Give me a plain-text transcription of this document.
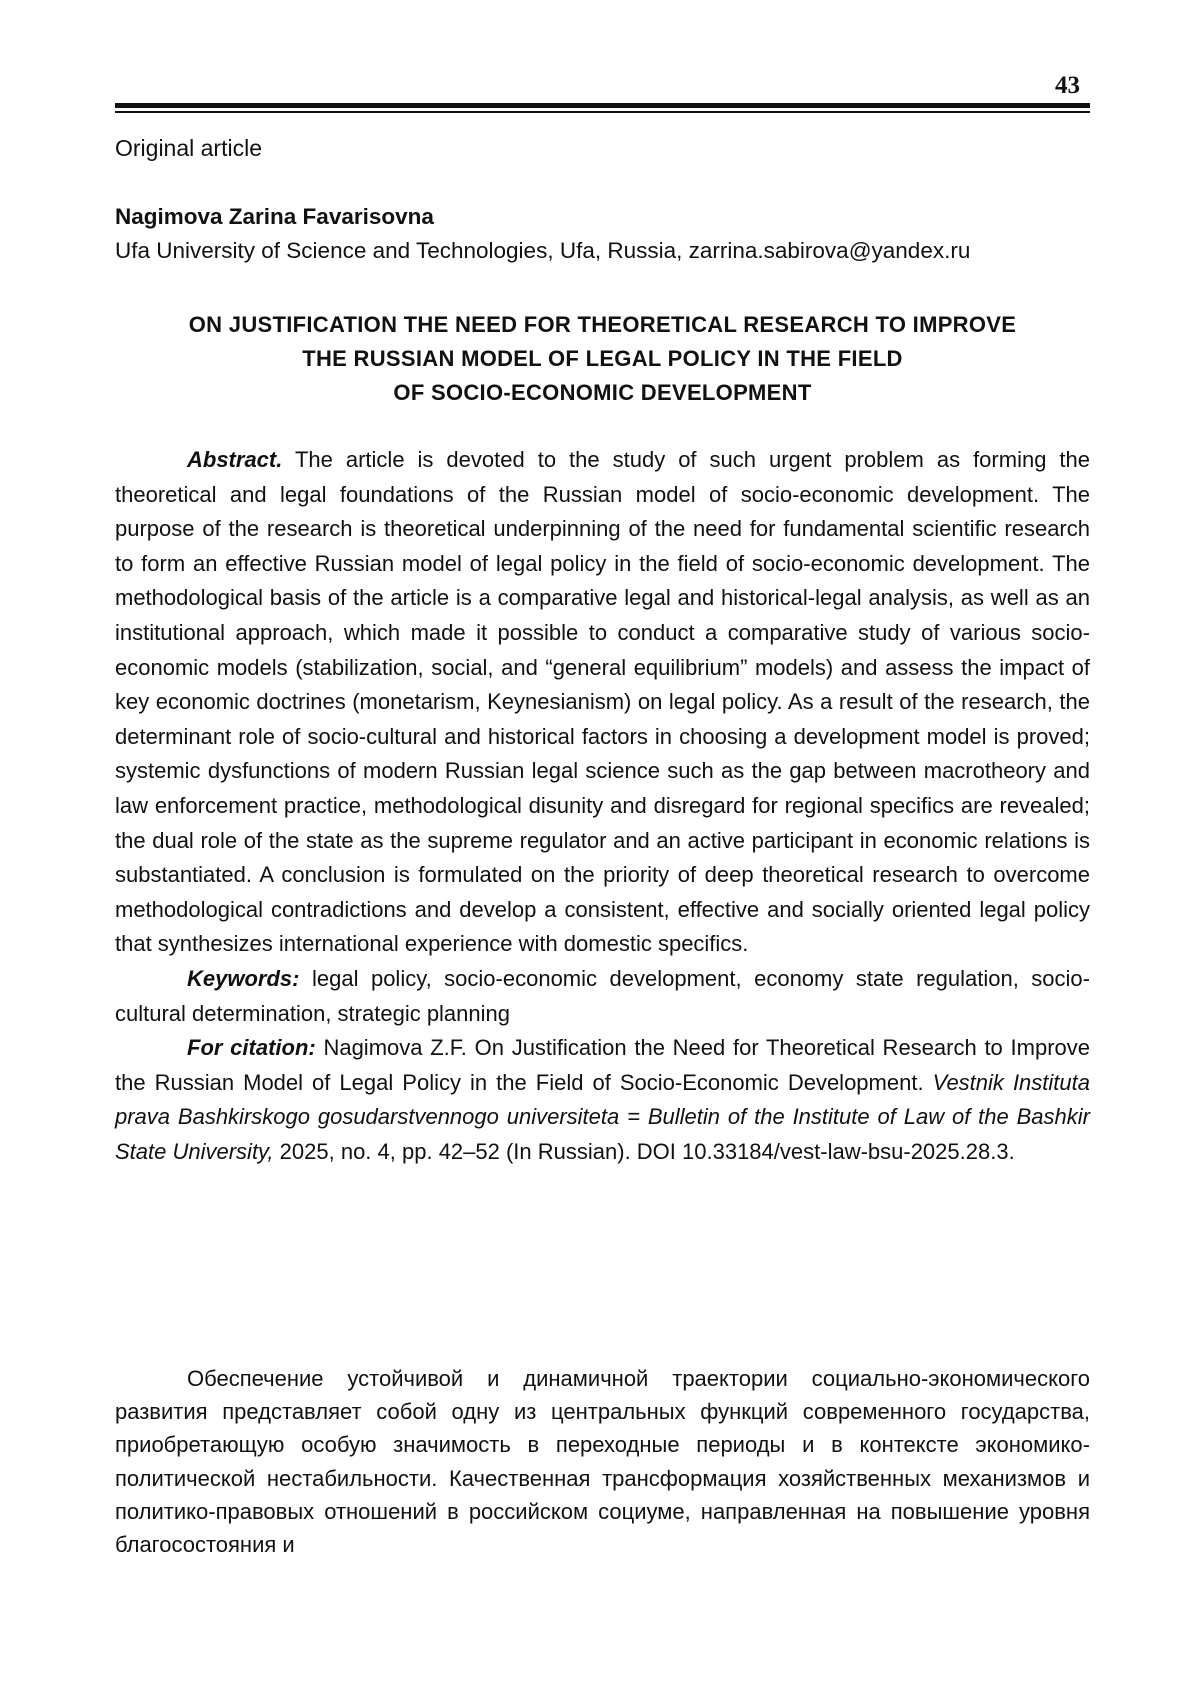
43
Original article
Nagimova Zarina Favarisovna
Ufa University of Science and Technologies, Ufa, Russia, zarrina.sabirova@yandex.ru
ON JUSTIFICATION THE NEED FOR THEORETICAL RESEARCH TO IMPROVE
THE RUSSIAN MODEL OF LEGAL POLICY IN THE FIELD
OF SOCIO-ECONOMIC DEVELOPMENT

Abstract. The article is devoted to the study of such urgent problem as forming the theoretical and legal foundations of the Russian model of socio-economic development. The purpose of the research is theoretical underpinning of the need for fundamental scientific research to form an effective Russian model of legal policy in the field of socio-economic development. The methodological basis of the article is a comparative legal and historical-legal analysis, as well as an institutional approach, which made it possible to conduct a comparative study of various socio-economic models (stabilization, social, and “general equilibrium” models) and assess the impact of key economic doctrines (monetarism, Keynesianism) on legal policy. As a result of the research, the determinant role of socio-cultural and historical factors in choosing a development model is proved; systemic dysfunctions of modern Russian legal science such as the gap between macrotheory and law enforcement practice, methodological disunity and disregard for regional specifics are revealed; the dual role of the state as the supreme regulator and an active participant in economic relations is substantiated. A conclusion is formulated on the priority of deep theoretical research to overcome methodological contradictions and develop a consistent, effective and socially oriented legal policy that synthesizes international experience with domestic specifics.

Keywords: legal policy, socio-economic development, economy state regulation, socio-cultural determination, strategic planning

For citation: Nagimova Z.F. On Justification the Need for Theoretical Research to Improve the Russian Model of Legal Policy in the Field of Socio-Economic Development. Vestnik Instituta prava Bashkirskogo gosudarstvennogo universiteta = Bulletin of the Institute of Law of the Bashkir State University, 2025, no. 4, pp. 42–52 (In Russian). DOI 10.33184/vest-law-bsu-2025.28.3.

Обеспечение устойчивой и динамичной траектории социально-экономического развития представляет собой одну из центральных функций современного государства, приобретающую особую значимость в переходные периоды и в контексте экономико-политической нестабильности. Качественная трансформация хозяйственных механизмов и политико-правовых отношений в российском социуме, направленная на повышение уровня благосостояния и
